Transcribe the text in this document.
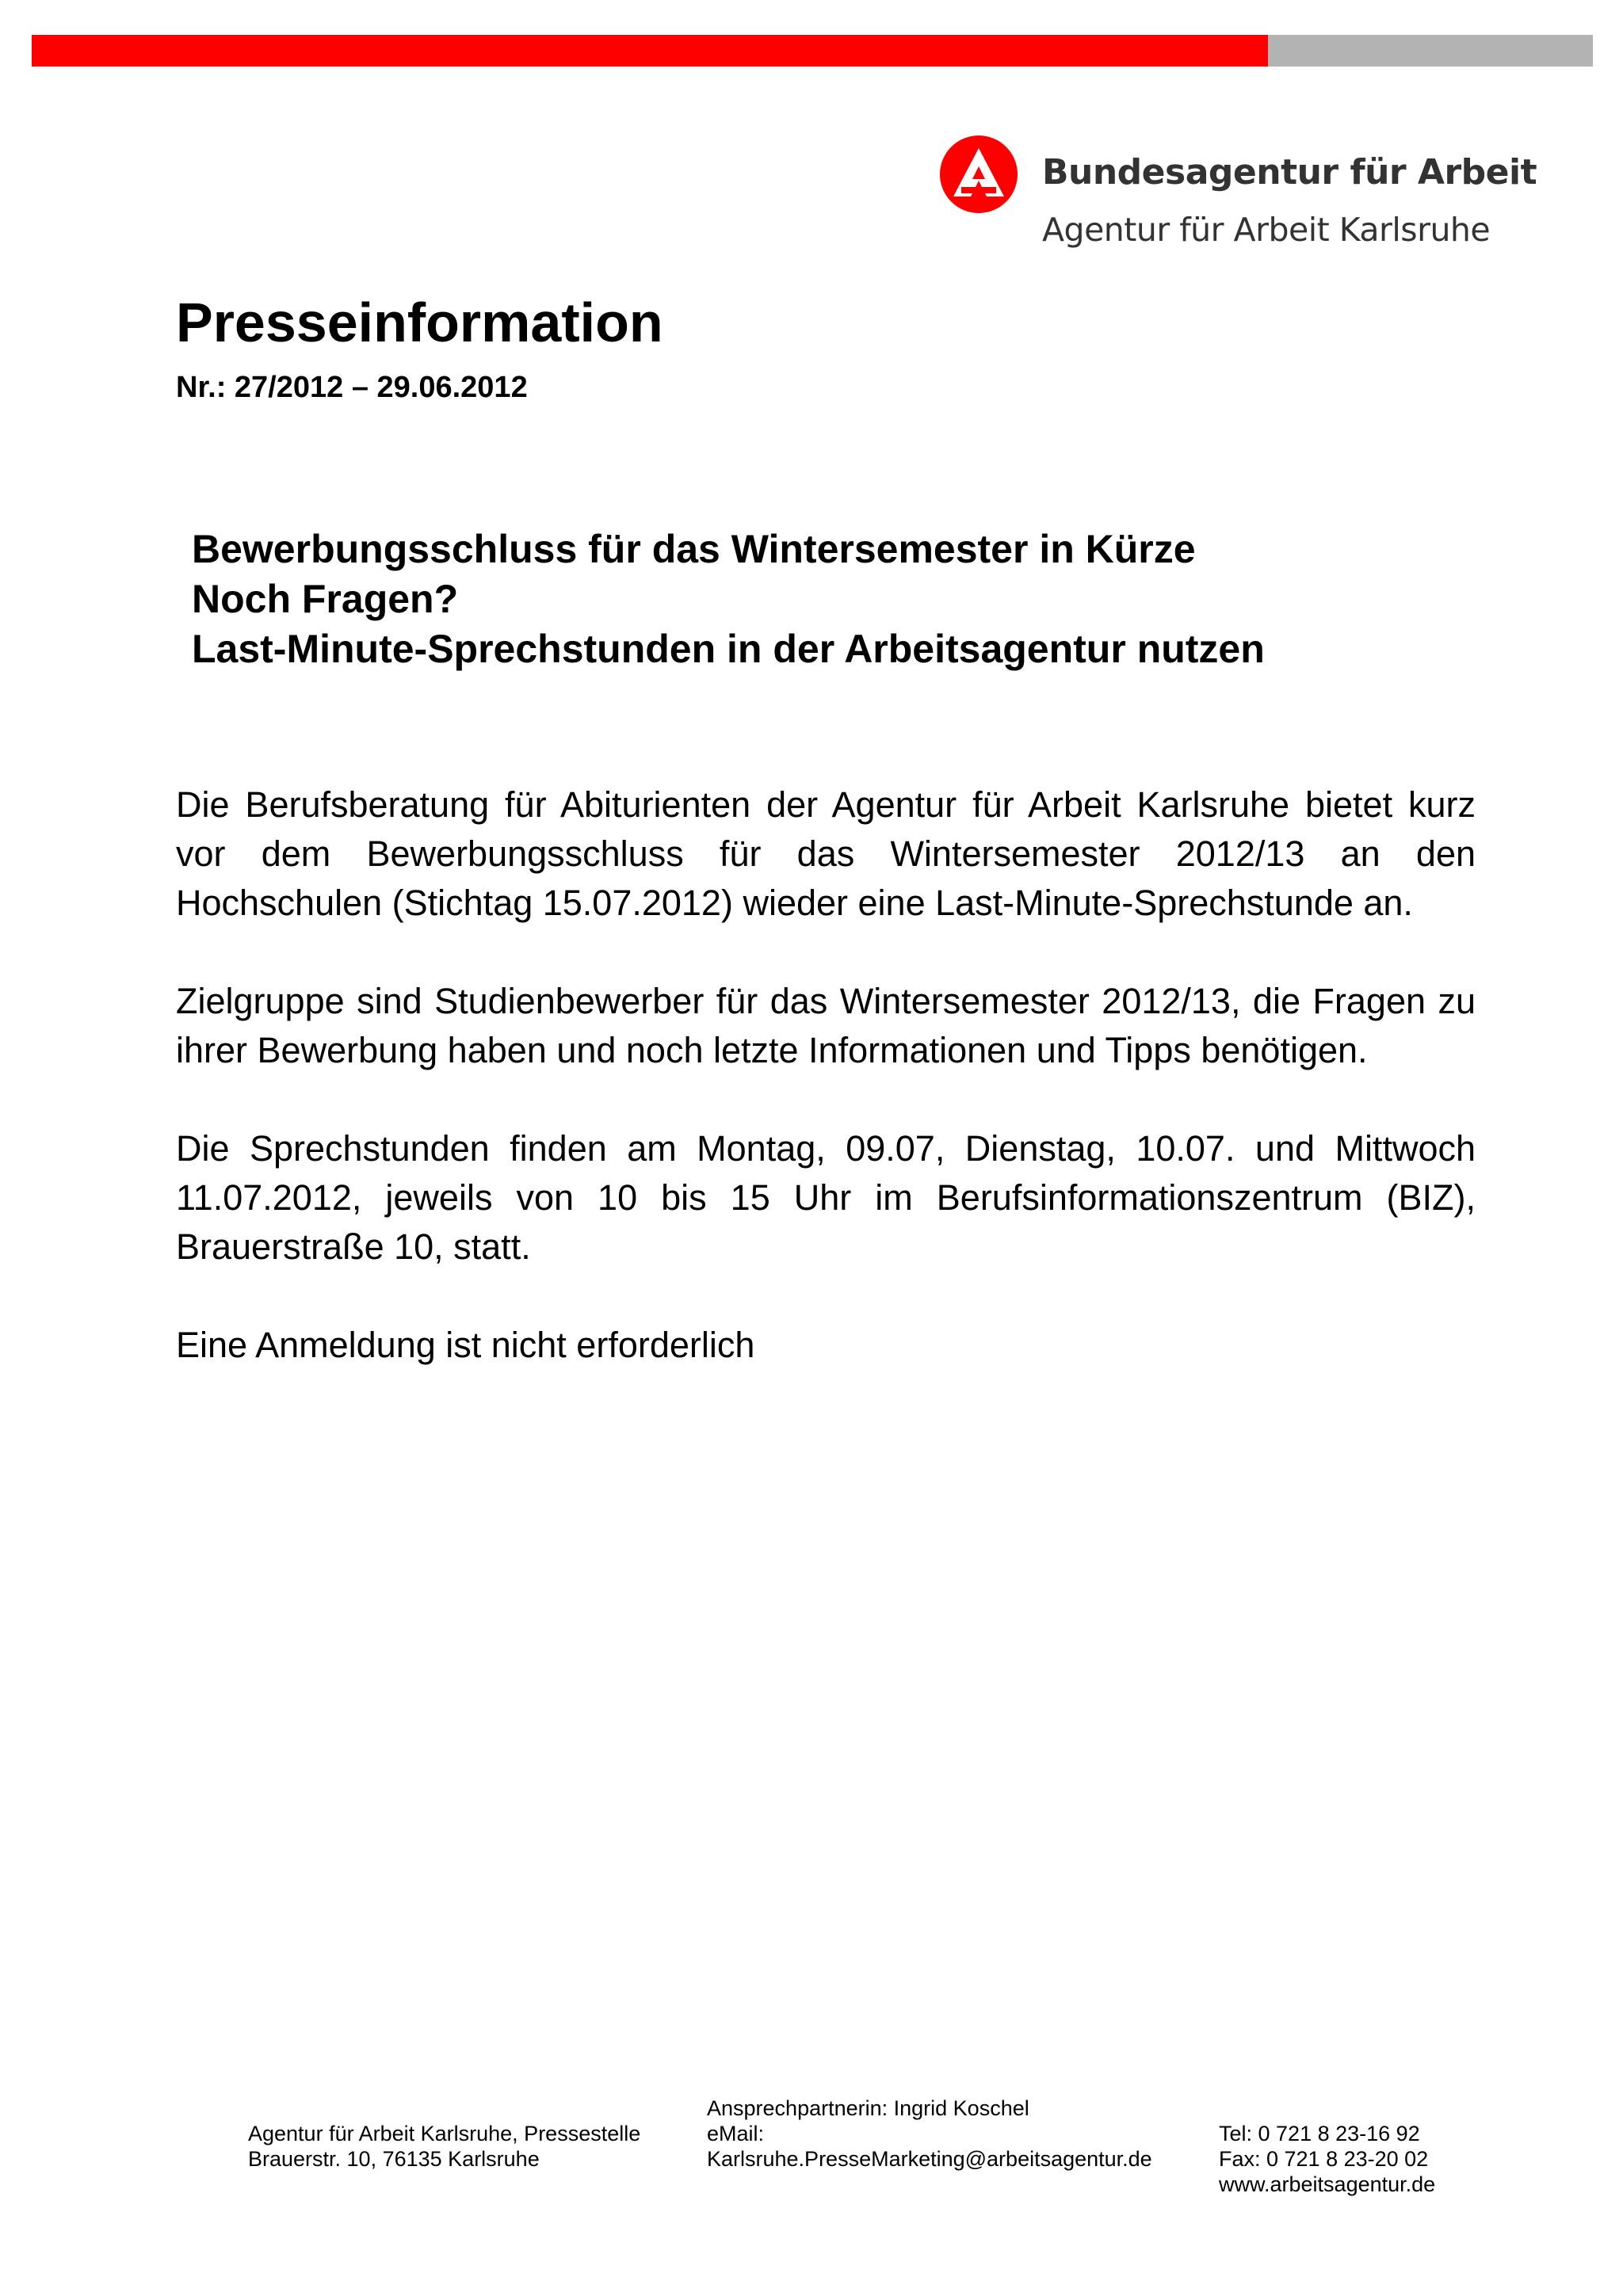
Bundesagentur für Arbeit
Agentur für Arbeit Karlsruhe
Presseinformation
Nr.: 27/2012 – 29.06.2012
Bewerbungsschluss für das Wintersemester in Kürze
Noch Fragen?
Last-Minute-Sprechstunden in der Arbeitsagentur nutzen

Die Berufsberatung für Abiturienten der Agentur für Arbeit Karlsruhe bietet kurz vor dem Bewerbungsschluss für das Wintersemester 2012/13 an den Hochschulen (Stichtag 15.07.2012) wieder eine Last-Minute-Sprechstunde an.

Zielgruppe sind Studienbewerber für das Wintersemester 2012/13, die Fragen zu ihrer Bewerbung haben und noch letzte Informationen und Tipps benötigen.

Die Sprechstunden finden am Montag, 09.07, Dienstag, 10.07. und Mittwoch 11.07.2012, jeweils von 10 bis 15 Uhr im Berufsinformationszentrum (BIZ), Brauerstraße 10, statt.

Eine Anmeldung ist nicht erforderlich

Agentur für Arbeit Karlsruhe, Pressestelle
Brauerstr. 10, 76135 Karlsruhe
Ansprechpartnerin: Ingrid Koschel
eMail:
Karlsruhe.PresseMarketing@arbeitsagentur.de
Tel: 0 721 8 23-16 92
Fax: 0 721 8 23-20 02
www.arbeitsagentur.de
